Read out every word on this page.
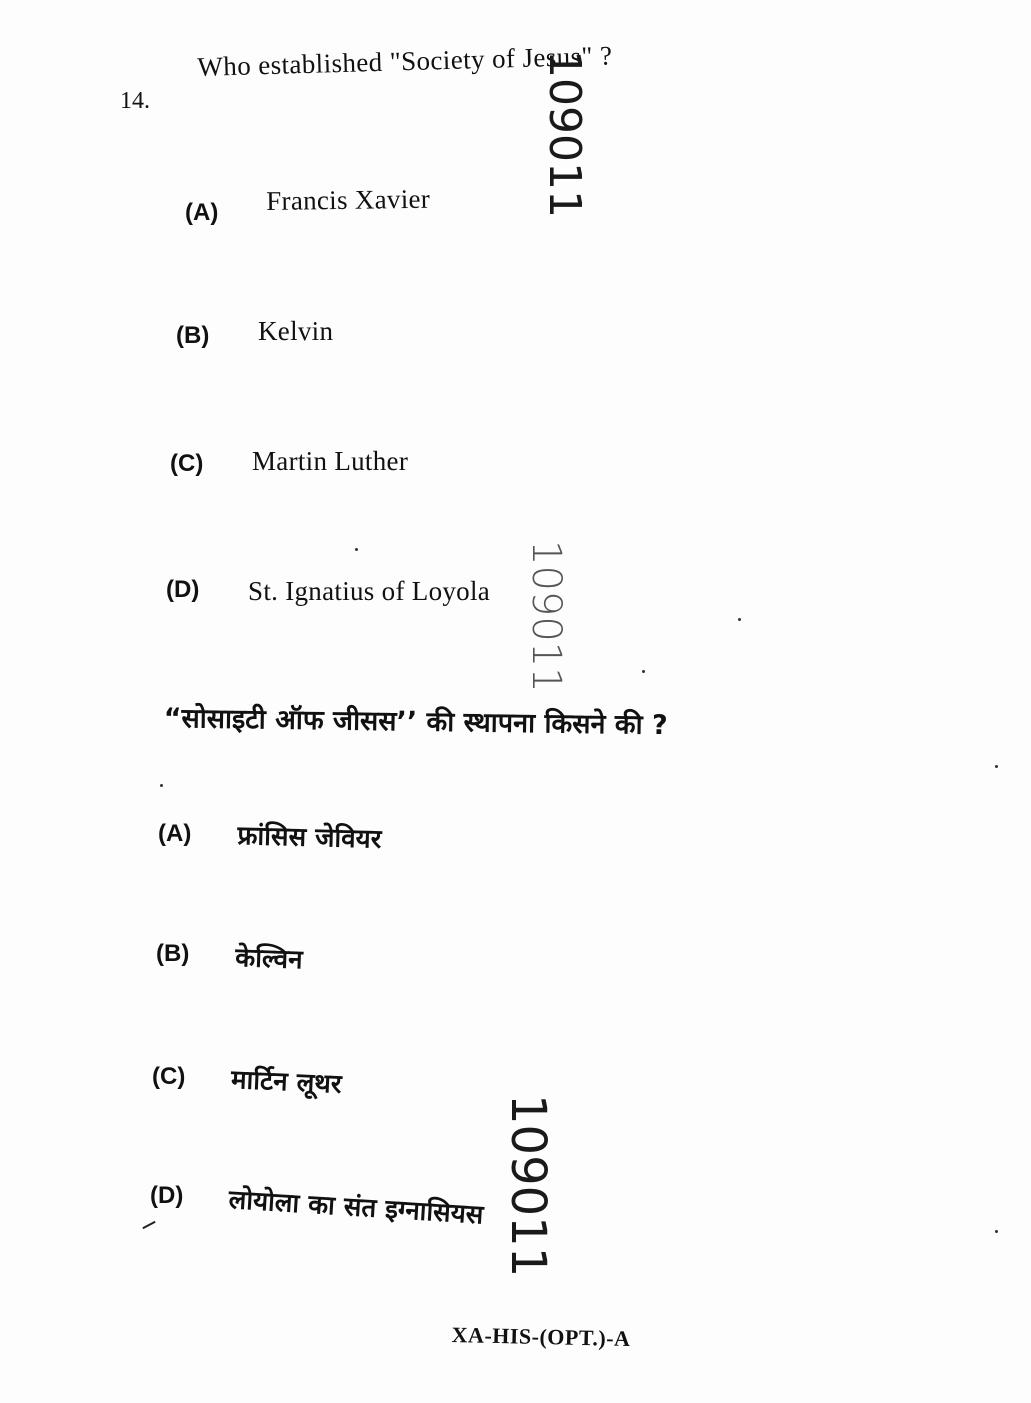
14.
Who established "Society of Jesus" ?
(A) Francis Xavier
(B) Kelvin
(C) Martin Luther
(D) St. Ignatius of Loyola
“सोसाइटी ऑफ जीसस’’ की स्थापना किसने की ?
(A) फ्रांसिस जेवियर
(B) केल्विन
(C) मार्टिन लूथर
(D) लोयोला का संत इग्नासियस
109011
109011
109011
XA-HIS-(OPT.)-A
